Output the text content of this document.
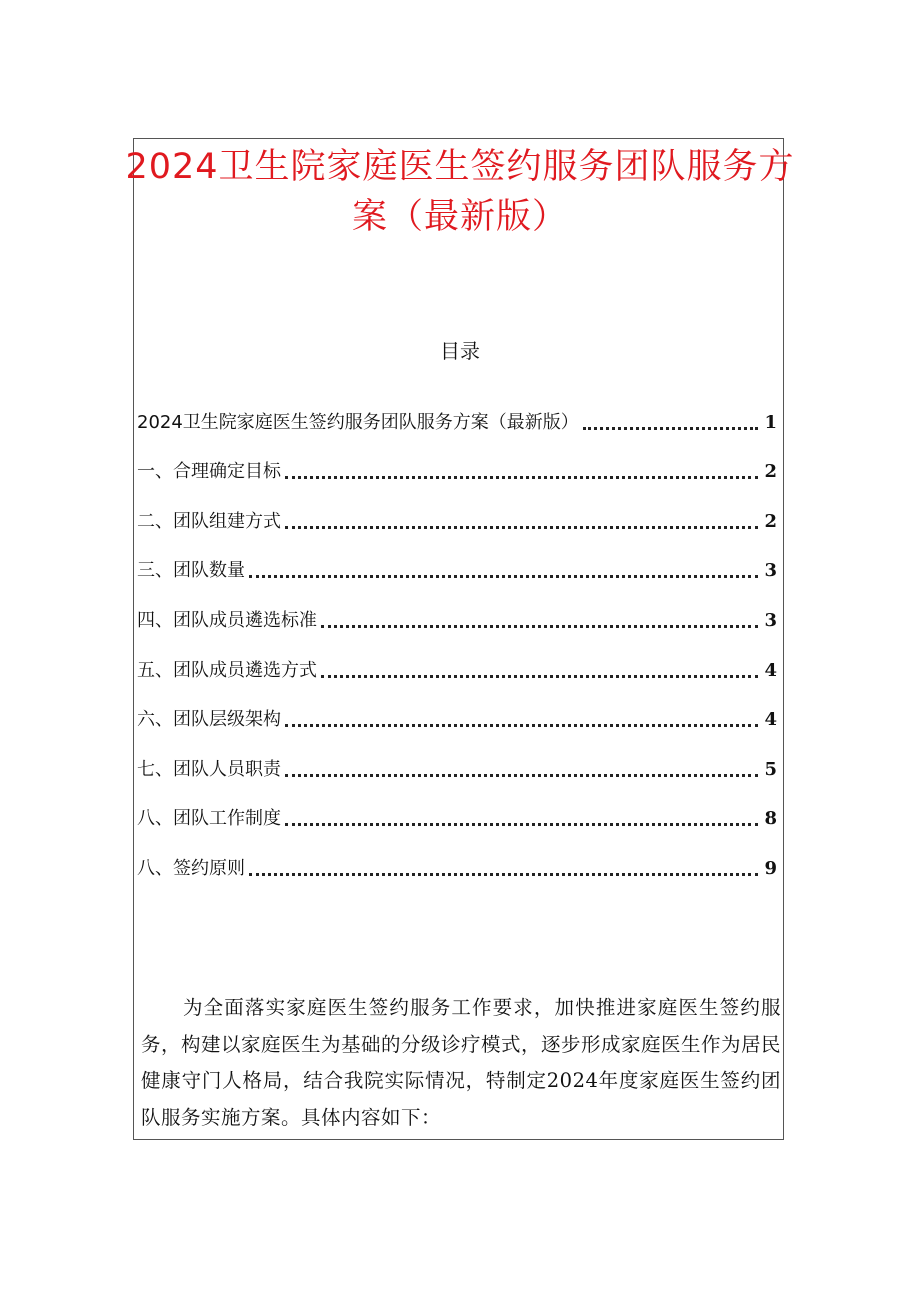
2024卫生院家庭医生签约服务团队服务方
案（最新版）
目录
2024卫生院家庭医生签约服务团队服务方案（最新版）	1
一、合理确定目标	2
二、团队组建方式	2
三、团队数量	3
四、团队成员遴选标准	3
五、团队成员遴选方式	4
六、团队层级架构	4
七、团队人员职责	5
八、团队工作制度	8
八、签约原则	9

为全面落实家庭医生签约服务工作要求，加快推进家庭医生签约服务，构建以家庭医生为基础的分级诊疗模式，逐步形成家庭医生作为居民健康守门人格局，结合我院实际情况，特制定2024年度家庭医生签约团队服务实施方案。具体内容如下：
